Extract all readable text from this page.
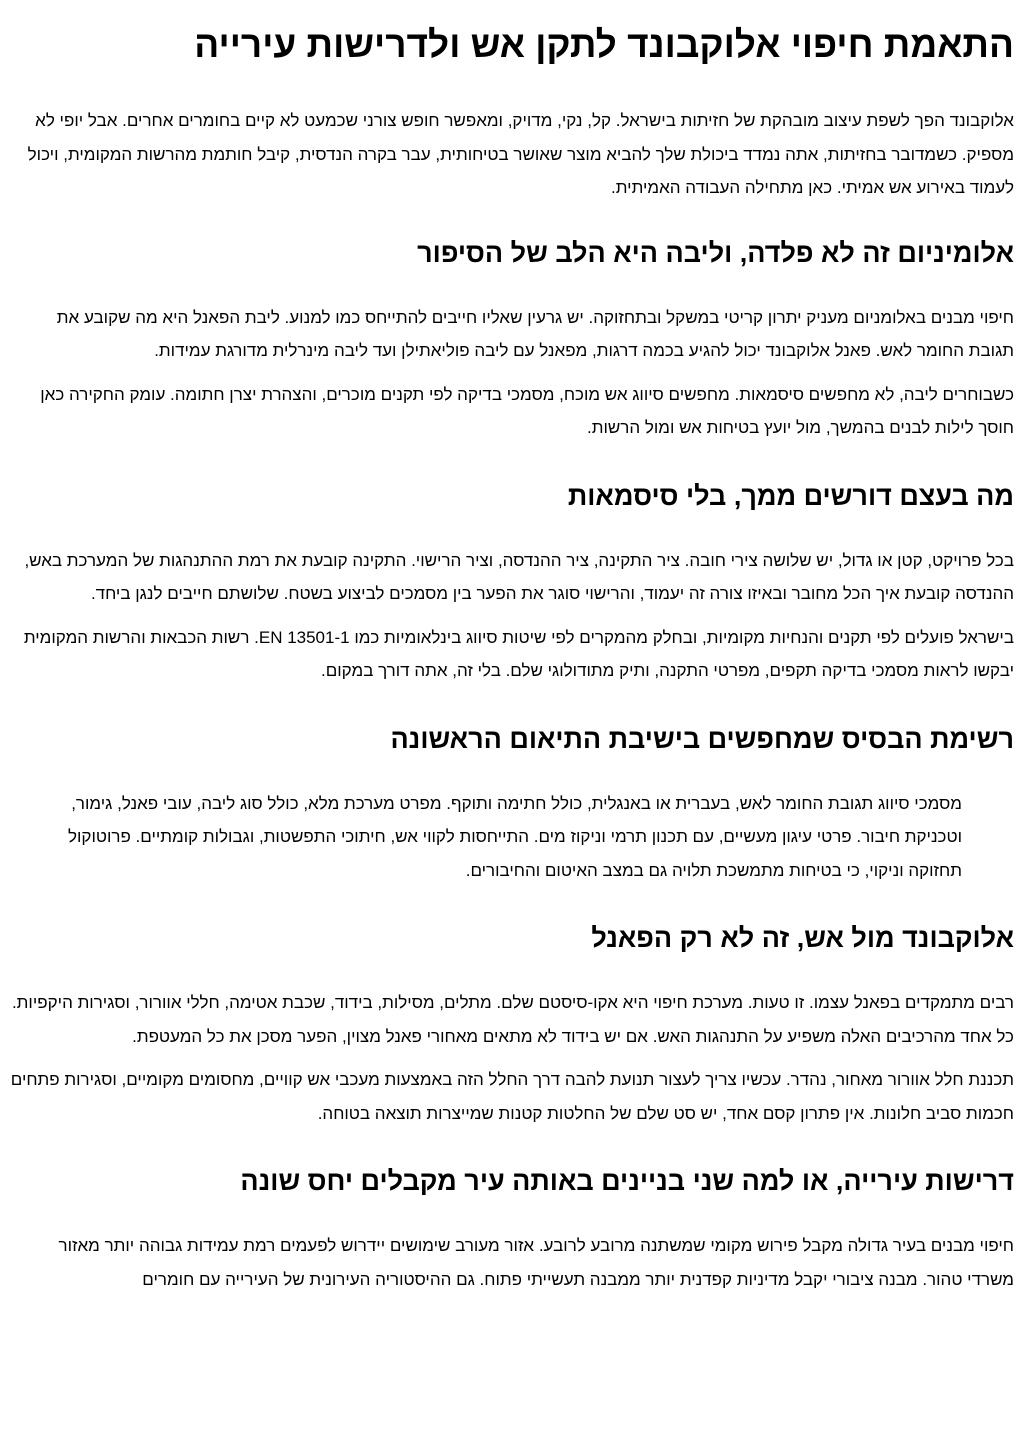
התאמת חיפוי אלוקבונד לתקן אש ולדרישות עירייה

אלוקבונד הפך לשפת עיצוב מובהקת של חזיתות בישראל. קל, נקי, מדויק, ומאפשר חופש צורני שכמעט לא קיים בחומרים אחרים. אבל יופי לא מספיק. כשמדובר בחזיתות, אתה נמדד ביכולת שלך להביא מוצר שאושר בטיחותית, עבר בקרה הנדסית, קיבל חותמת מהרשות המקומית, ויכול לעמוד באירוע אש אמיתי. כאן מתחילה העבודה האמיתית.

אלומיניום זה לא פלדה, וליבה היא הלב של הסיפור

חיפוי מבנים באלומניום מעניק יתרון קריטי במשקל ובתחזוקה. יש גרעין שאליו חייבים להתייחס כמו למנוע. ליבת הפאנל היא מה שקובע את תגובת החומר לאש. פאנל אלוקבונד יכול להגיע בכמה דרגות, מפאנל עם ליבה פוליאתילן ועד ליבה מינרלית מדורגת עמידות.

כשבוחרים ליבה, לא מחפשים סיסמאות. מחפשים סיווג אש מוכח, מסמכי בדיקה לפי תקנים מוכרים, והצהרת יצרן חתומה. עומק החקירה כאן חוסך לילות לבנים בהמשך, מול יועץ בטיחות אש ומול הרשות.

מה בעצם דורשים ממך, בלי סיסמאות

בכל פרויקט, קטן או גדול, יש שלושה צירי חובה. ציר התקינה, ציר ההנדסה, וציר הרישוי. התקינה קובעת את רמת ההתנהגות של המערכת באש, ההנדסה קובעת איך הכל מחובר ובאיזו צורה זה יעמוד, והרישוי סוגר את הפער בין מסמכים לביצוע בשטח. שלושתם חייבים לנגן ביחד.

בישראל פועלים לפי תקנים והנחיות מקומיות, ובחלק מהמקרים לפי שיטות סיווג בינלאומיות כמו EN 13501-1. רשות הכבאות והרשות המקומית יבקשו לראות מסמכי בדיקה תקפים, מפרטי התקנה, ותיק מתודולוגי שלם. בלי זה, אתה דורך במקום.

רשימת הבסיס שמחפשים בישיבת התיאום הראשונה
מסמכי סיווג תגובת החומר לאש, בעברית או באנגלית, כולל חתימה ותוקף. מפרט מערכת מלא, כולל סוג ליבה, עובי פאנל, גימור, וטכניקת חיבור. פרטי עיגון מעשיים, עם תכנון תרמי וניקוז מים. התייחסות לקווי אש, חיתוכי התפשטות, וגבולות קומתיים. פרוטוקול תחזוקה וניקוי, כי בטיחות מתמשכת תלויה גם במצב האיטום והחיבורים.
אלוקבונד מול אש, זה לא רק הפאנל

רבים מתמקדים בפאנל עצמו. זו טעות. מערכת חיפוי היא אקו-סיסטם שלם. מתלים, מסילות, בידוד, שכבת אטימה, חללי אוורור, וסגירות היקפיות. כל אחד מהרכיבים האלה משפיע על התנהגות האש. אם יש בידוד לא מתאים מאחורי פאנל מצוין, הפער מסכן את כל המעטפת.

תכננת חלל אוורור מאחור, נהדר. עכשיו צריך לעצור תנועת להבה דרך החלל הזה באמצעות מעכבי אש קוויים, מחסומים מקומיים, וסגירות פתחים חכמות סביב חלונות. אין פתרון קסם אחד, יש סט שלם של החלטות קטנות שמייצרות תוצאה בטוחה.

דרישות עירייה, או למה שני בניינים באותה עיר מקבלים יחס שונה

חיפוי מבנים בעיר גדולה מקבל פירוש מקומי שמשתנה מרובע לרובע. אזור מעורב שימושים יידרוש לפעמים רמת עמידות גבוהה יותר מאזור משרדי טהור. מבנה ציבורי יקבל מדיניות קפדנית יותר ממבנה תעשייתי פתוח. גם ההיסטוריה העירונית של העירייה עם חומרים
